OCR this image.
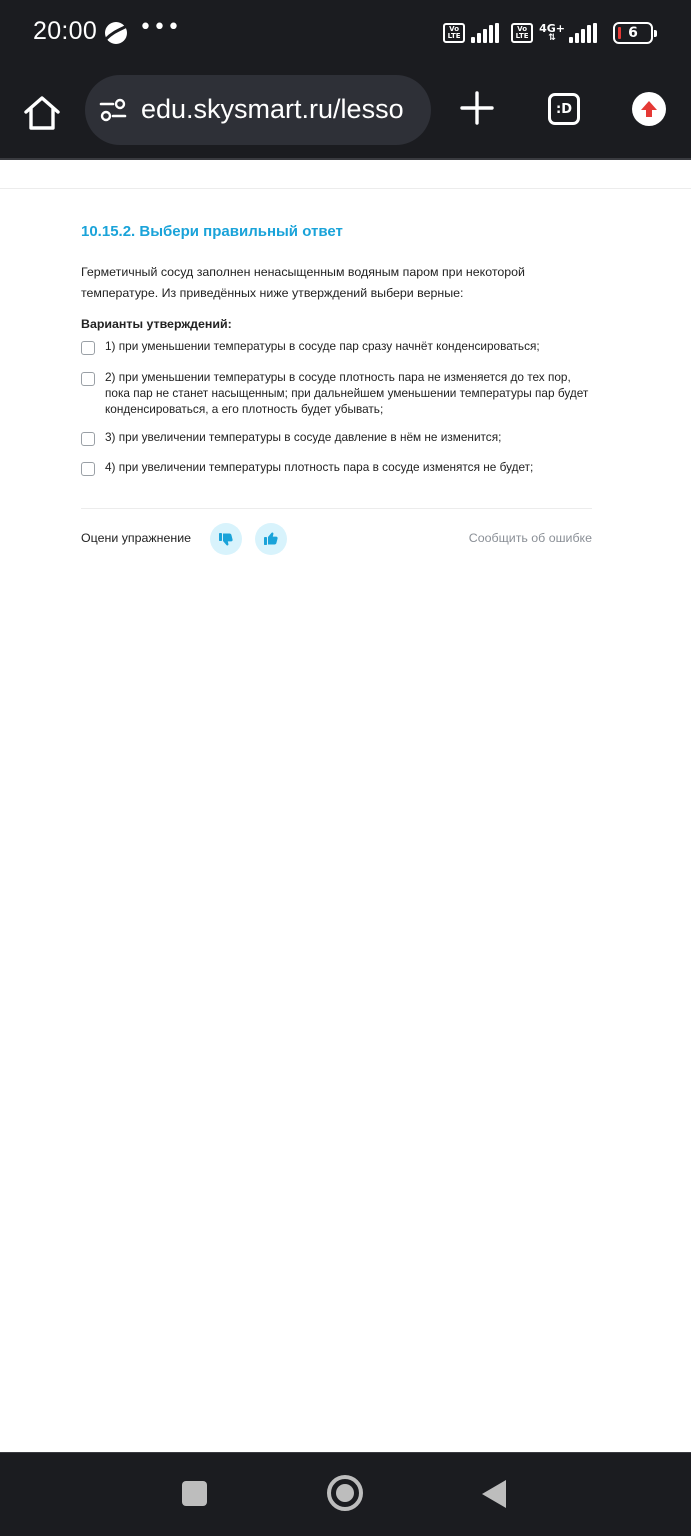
20:00 •••	Vo
LTE
Vo
LTE
4G+
⇅	6
edu.skysmart.ru/lesso	:D
10.15.2. Выбери правильный ответ
Герметичный сосуд заполнен ненасыщенным водяным паром при некоторой температуре. Из приведённых ниже утверждений выбери верные:
Варианты утверждений:
1) при уменьшении температуры в сосуде пар сразу начнёт конденсироваться;
2) при уменьшении температуры в сосуде плотность пара не изменяется до тех пор, пока пар не станет насыщенным; при дальнейшем уменьшении температуры пар будет конденсироваться, а его плотность будет убывать;
3) при увеличении температуры в сосуде давление в нём не изменится;
4) при увеличении температуры плотность пара в сосуде изменятся не будет;
Оцени упражнение	Сообщить об ошибке
